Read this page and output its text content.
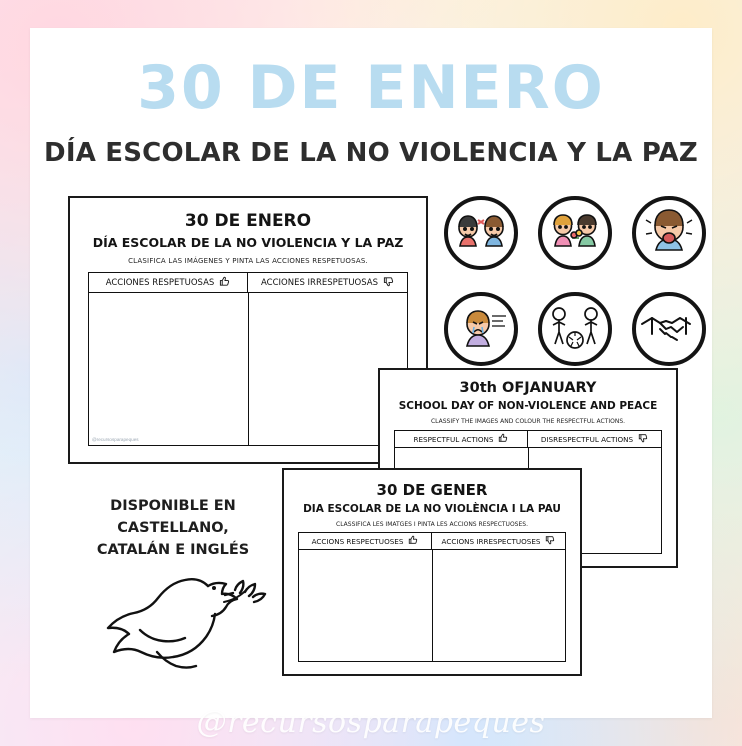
30 DE ENERO
DÍA ESCOLAR DE LA NO VIOLENCIA Y LA PAZ
30 DE ENERO
DÍA ESCOLAR DE LA NO VIOLENCIA Y LA PAZ
CLASIFICA LAS IMÁGENES Y PINTA LAS ACCIONES RESPETUOSAS.
ACCIONES RESPETUOSAS	ACCIONES IRRESPETUOSAS
@recursosparapeques
30th OFJANUARY
SCHOOL DAY OF NON-VIOLENCE AND PEACE
CLASSIFY THE IMAGES AND COLOUR THE RESPECTFUL ACTIONS.
RESPECTFUL ACTIONS	DISRESPECTFUL ACTIONS
30 DE GENER
DIA ESCOLAR DE LA NO VIOLÈNCIA I LA PAU
CLASSIFICA LES IMATGES I PINTA LES ACCIONS RESPECTUOSES.
ACCIONS RESPECTUOSES	ACCIONS IRRESPECTUOSES
DISPONIBLE EN CASTELLANO,
CATALÁN E INGLÉS
@recursosparapeques
